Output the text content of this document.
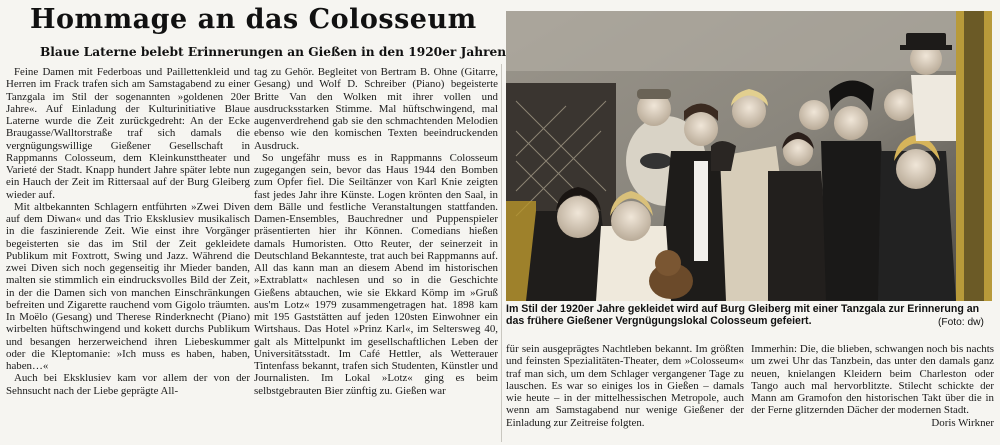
Hommage an das Colosseum
Blaue Laterne belebt Erinnerungen an Gießen in den 1920er Jahren

Feine Damen mit Federboas und Paillettenkleid und Herren im Frack trafen sich am Samstagabend zu einer Tanzgala im Stil der sogenannten »goldenen 20er Jahre«. Auf Einladung der Kulturinitiative Blaue Laterne wurde die Zeit zurückgedreht: An der Ecke Braugasse/Walltorstraße traf sich damals die vergnügungswillige Gießener Gesellschaft in Rappmanns Colosseum, dem Kleinkunsttheater und Varieté der Stadt. Knapp hundert Jahre später lebte nun ein Hauch der Zeit im Rittersaal auf der Burg Gleiberg wieder auf.

Mit altbekannten Schlagern entführten »Zwei Diven auf dem Diwan« und das Trio Eksklusiev musikalisch in die faszinierende Zeit. Wie einst ihre Vorgänger begeisterten sie das im Stil der Zeit gekleidete Publikum mit Foxtrott, Swing und Jazz. Während die zwei Diven sich noch gegenseitig ihr Mieder banden, malten sie stimmlich ein eindrucksvolles Bild der Zeit, in der die Damen sich von manchen Einschränkungen befreiten und Zigarette rauchend vom Gigolo träumten. In Moëlo (Gesang) und Therese Rinderknecht (Piano) wirbelten hüftschwingend und kokett durchs Publikum und besangen herzerweichend ihren Liebeskummer oder die Kleptomanie: »Ich muss es haben, haben, haben…«

Auch bei Eksklusiev kam vor allem der von der Sehnsucht nach der Liebe geprägte All-

tag zu Gehör. Begleitet von Bertram B. Ohne (Gitarre, Gesang) und Wolf D. Schreiber (Piano) begeisterte Britte Van den Wolken mit ihrer vollen und ausdrucksstarken Stimme. Mal hüftschwingend, mal augenverdrehend gab sie den schmachtenden Melodien ebenso wie den komischen Texten beeindruckenden Ausdruck.

So ungefähr muss es in Rappmanns Colosseum zugegangen sein, bevor das Haus 1944 den Bomben zum Opfer fiel. Die Seiltänzer von Karl Knie zeigten fast jedes Jahr ihre Künste. Logen krönten den Saal, in dem Bälle und festliche Veranstaltungen stattfanden. Damen-Ensembles, Bauchredner und Puppenspieler präsentierten hier ihr Können. Comedians hießen damals Humoristen. Otto Reuter, der seinerzeit in Deutschland Bekannteste, trat auch bei Rappmanns auf. All das kann man an diesem Abend im historischen »Extrablatt« nachlesen und so in die Geschichte Gießens abtauchen, wie sie Ekkard Kömp im »Gruß aus'm Lotz« 1979 zusammengetragen hat. 1898 kam mit 195 Gaststätten auf jeden 120sten Einwohner ein Wirtshaus. Das Hotel »Prinz Karl«, im Seltersweg 40, galt als Mittelpunkt im gesellschaftlichen Leben der Universitätsstadt. Im Café Hettler, als Wetterauer Tintenfass bekannt, trafen sich Studenten, Künstler und Journalisten. Im Lokal »Lotz« ging es beim selbstgebrauten Bier zünftig zu. Gießen war

Im Stil der 1920er Jahre gekleidet wird auf Burg Gleiberg mit einer Tanzgala zur Erinnerung an das frühere Gießener Vergnügungslokal Colosseum gefeiert.	(Foto: dw)

für sein ausgeprägtes Nachtleben bekannt. Im größten und feinsten Spezialitäten-Theater, dem »Colosseum« traf man sich, um dem Schlager vergangener Tage zu lauschen. Es war so einiges los in Gießen – damals wie heute – in der mittelhessischen Metropole, auch wenn am Samstagabend nur wenige Gießener der Einladung zur Zeitreise folgten.

Immerhin: Die, die blieben, schwangen noch bis nachts um zwei Uhr das Tanzbein, das unter den damals ganz neuen, knielangen Kleidern beim Charleston oder Tango auch mal hervorblitzte. Stilecht schickte der Mann am Gramofon den historischen Takt über die in der Ferne glitzernden Dächer der modernen Stadt.

Doris Wirkner
